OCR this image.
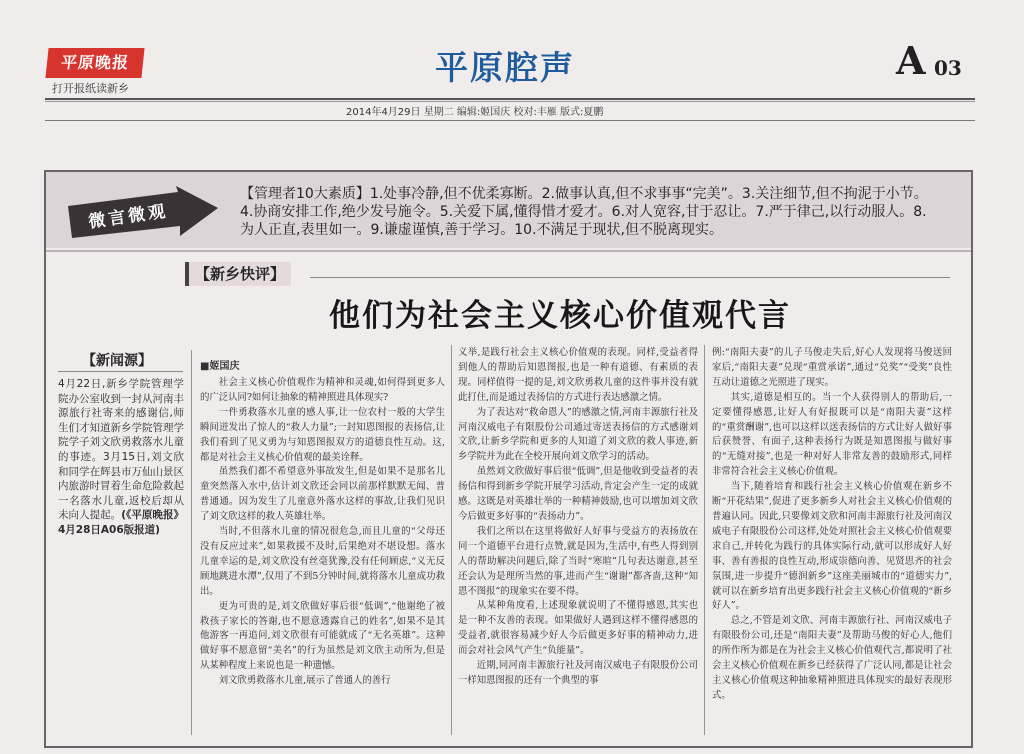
平原晚报
打开报纸读新乡
平原腔声	A 03
2014年4月29日 星期二 编辑:姬国庆 校对:丰雁 版式:夏鹏
微言微观
【管理者10大素质】1.处事冷静,但不优柔寡断。2.做事认真,但不求事事“完美”。3.关注细节,但不拘泥于小节。4.协商安排工作,绝少发号施令。5.关爱下属,懂得惜才爱才。6.对人宽容,甘于忍让。7.严于律己,以行动服人。8.为人正直,表里如一。9.谦虚谨慎,善于学习。10.不满足于现状,但不脱离现实。
【新乡快评】
他们为社会主义核心价值观代言
【新闻源】
4月22日,新乡学院管理学院办公室收到一封从河南丰源旅行社寄来的感谢信,师生们才知道新乡学院管理学院学子刘文欣勇救落水儿童的事迹。3月15日,刘文欣和同学在辉县市万仙山景区内旅游时冒着生命危险救起一名落水儿童,返校后却从未向人提起。(《平原晚报》4月28日A06版报道)
■姬国庆

社会主义核心价值观作为精神和灵魂,如何得到更多人的广泛认同?如何让抽象的精神照进具体现实?

一件勇救落水儿童的感人事,让一位农村一般的大学生瞬间迸发出了惊人的“救人力量”;一封知恩图报的表扬信,让我们看到了见义勇为与知恩图报双方的道德良性互动。这,都是对社会主义核心价值观的最美诠释。

虽然我们都不希望意外事故发生,但是如果不是那名儿童突然落入水中,估计刘文欣还会同以前那样默默无闻、普普通通。因为发生了儿童意外落水这样的事故,让我们见识了刘文欣这样的救人英雄壮举。

当时,不但落水儿童的情况很危急,而且儿童的“父母还没有反应过来”,如果救援不及时,后果绝对不堪设想。落水儿童幸运的是,刘文欣没有丝毫犹豫,没有任何顾虑,“义无反顾地跳进水潭”,仅用了不到5分钟时间,就将落水儿童成功救出。

更为可贵的是,刘文欣做好事后很“低调”,“他谢绝了被救孩子家长的答谢,也不愿意透露自己的姓名”,如果不是其他游客一再追问,刘文欣很有可能就成了“无名英雄”。这种做好事不愿意留“美名”的行为虽然是刘文欣主动所为,但是从某种程度上来说也是一种遗憾。

刘文欣勇救落水儿童,展示了普通人的善行

义举,是践行社会主义核心价值观的表现。同样,受益者得到他人的帮助后知恩图报,也是一种有道德、有素质的表现。同样值得一提的是,刘文欣勇救儿童的这件事并没有就此打住,而是通过表扬信的方式进行表达感激之情。

为了表达对“救命恩人”的感激之情,河南丰源旅行社及河南汉威电子有限股份公司通过寄送表扬信的方式感谢刘文欣,让新乡学院和更多的人知道了刘文欣的救人事迹,新乡学院并为此在全校开展向刘文欣学习的活动。

虽然刘文欣做好事后很“低调”,但是他收到受益者的表扬信和得到新乡学院开展学习活动,肯定会产生一定的成就感。这既是对英雄壮举的一种精神鼓励,也可以增加刘文欣今后做更多好事的“表扬动力”。

我们之所以在这里将做好人好事与受益方的表扬放在同一个道德平台进行点赞,就是因为,生活中,有些人得到别人的帮助解决问题后,除了当时“寒暄”几句表达谢意,甚至还会认为是理所当然的事,进而产生“谢谢”都吝啬,这种“知恩不图报”的现象实在要不得。

从某种角度看,上述现象就说明了不懂得感恩,其实也是一种不友善的表现。如果做好人遇到这样不懂得感恩的受益者,就很容易减少好人今后做更多好事的精神动力,进而会对社会风气产生“负能量”。

近期,同河南丰源旅行社及河南汉威电子有限股份公司一样知恩图报的还有一个典型的事

例:“南阳夫妻”的儿子马俊走失后,好心人发现将马俊送回家后,“南阳夫妻”兑现“重赏承诺”,通过“兑奖”“受奖”良性互动让道德之光照进了现实。

其实,道德是相互的。当一个人获得别人的帮助后,一定要懂得感恩,让好人有好报既可以是“南阳夫妻”这样的“重赏酬谢”,也可以这样以送表扬信的方式让好人做好事后获赞誉、有面子,这种表扬行为既是知恩图报与做好事的“无缝对接”,也是一种对好人非常友善的鼓励形式,同样非常符合社会主义核心价值观。

当下,随着培育和践行社会主义核心价值观在新乡不断“开花结果”,促进了更多新乡人对社会主义核心价值观的普遍认同。因此,只要像刘文欣和河南丰源旅行社及河南汉威电子有限股份公司这样,处处对照社会主义核心价值观要求自己,并转化为践行的具体实际行动,就可以形成好人好事、善有善报的良性互动,形成崇德向善、见贤思齐的社会氛围,进一步提升“德润新乡”这座美丽城市的“道德实力”,就可以在新乡培育出更多践行社会主义核心价值观的“新乡好人”。

总之,不管是刘文欣、河南丰源旅行社、河南汉威电子有限股份公司,还是“南阳夫妻”及帮助马俊的好心人,他们的所作所为都是在为社会主义核心价值观代言,都说明了社会主义核心价值观在新乡已经获得了广泛认同,都是让社会主义核心价值观这种抽象精神照进具体现实的最好表现形式。
